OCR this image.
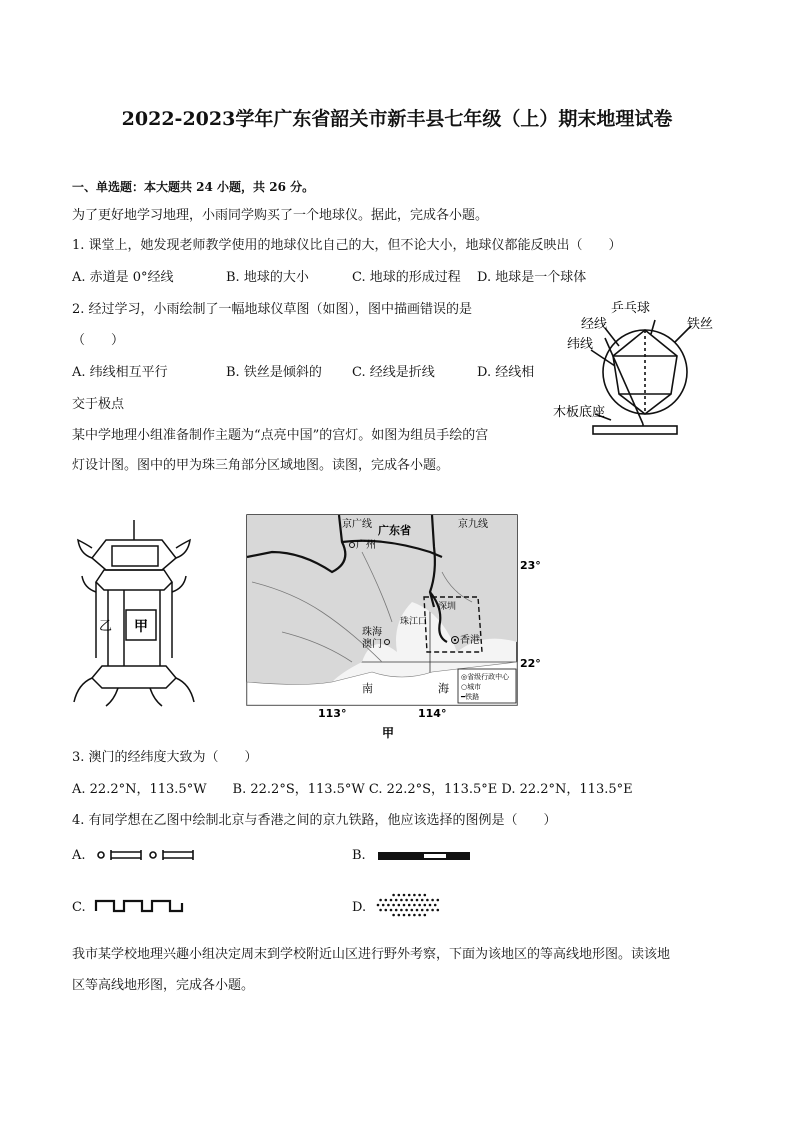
2022-2023学年广东省韶关市新丰县七年级（上）期末地理试卷
一、单选题：本大题共 24 小题，共 26 分。
为了更好地学习地理，小雨同学购买了一个地球仪。据此，完成各小题。
1. 课堂上，她发现老师教学使用的地球仪比自己的大，但不论大小，地球仪都能反映出（　　）
A. 赤道是 0°经线	B. 地球的大小	C. 地球的形成过程 D. 地球是一个球体
2. 经过学习，小雨绘制了一幅地球仪草图（如图），图中描画错误的是
（　　）
A. 纬线相互平行	B. 铁丝是倾斜的 C. 经线是折线	D. 经线相
交于极点
乒乓球
经线	铁丝
纬线
木板底座
某中学地理小组准备制作主题为“点亮中国”的宫灯。如图为组员手绘的宫
灯设计图。图中的甲为珠三角部分区域地图。读图，完成各小题。
甲
乙
京广线 广东省
广州
京九线
珠海
澳门
珠江口
深圳
香港
南	海
23°
22°
113°	114°
◎省级行政中心
○城市
━铁路
甲
3. 澳门的经纬度大致为（　　）
A. 22.2°N，113.5°W　　B. 22.2°S，113.5°W C. 22.2°S，113.5°E D. 22.2°N，113.5°E
4. 有同学想在乙图中绘制北京与香港之间的京九铁路，他应该选择的图例是（　　）
A.	B.
C.	D.
我市某学校地理兴趣小组决定周末到学校附近山区进行野外考察，下面为该地区的等高线地形图。读该地
区等高线地形图，完成各小题。
